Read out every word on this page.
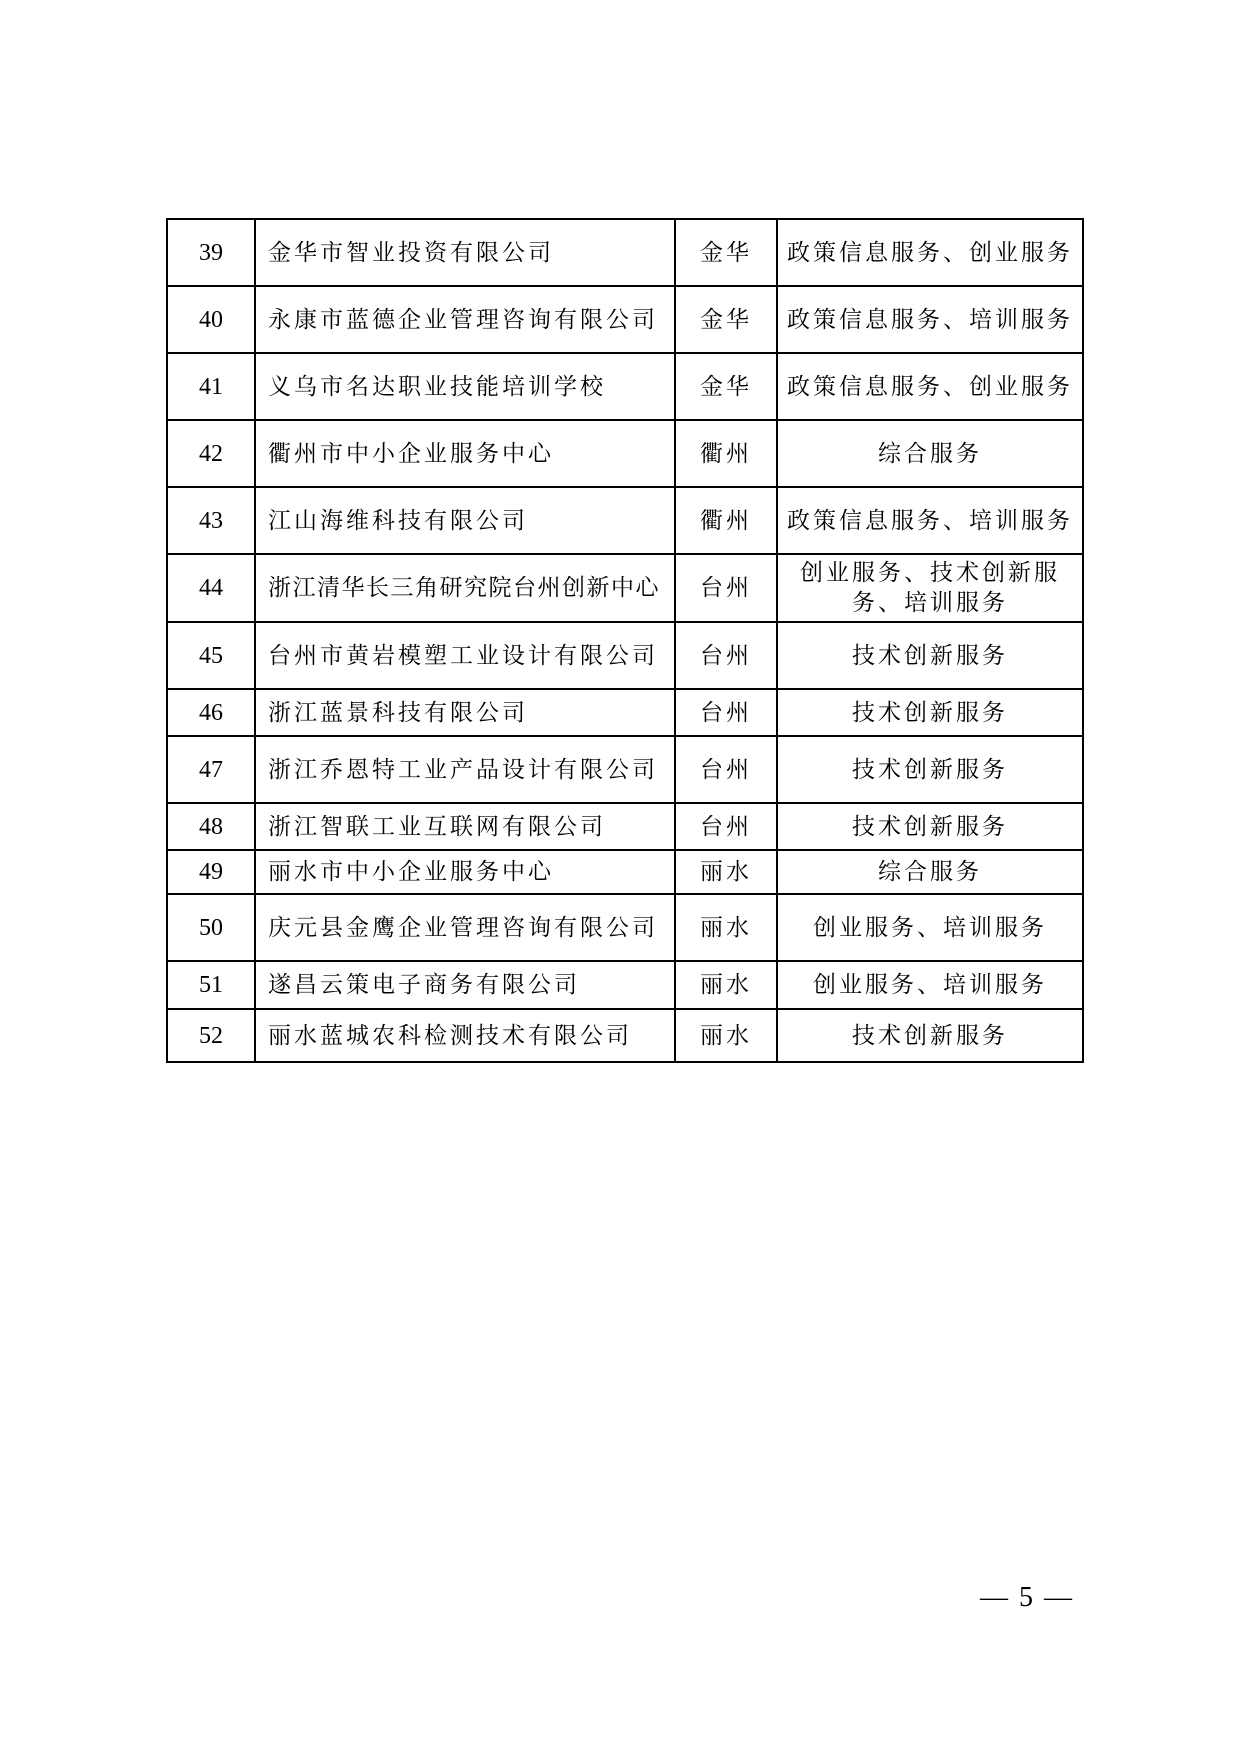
39	金华市智业投资有限公司	金华	政策信息服务、创业服务
40	永康市蓝德企业管理咨询有限公司	金华	政策信息服务、培训服务
41	义乌市名达职业技能培训学校	金华	政策信息服务、创业服务
42	衢州市中小企业服务中心	衢州	综合服务
43	江山海维科技有限公司	衢州	政策信息服务、培训服务
44	浙江清华长三角研究院台州创新中心	台州	创业服务、技术创新服务、培训服务
45	台州市黄岩模塑工业设计有限公司	台州	技术创新服务
46	浙江蓝景科技有限公司	台州	技术创新服务
47	浙江乔恩特工业产品设计有限公司	台州	技术创新服务
48	浙江智联工业互联网有限公司	台州	技术创新服务
49	丽水市中小企业服务中心	丽水	综合服务
50	庆元县金鹰企业管理咨询有限公司	丽水	创业服务、培训服务
51	遂昌云策电子商务有限公司	丽水	创业服务、培训服务
52	丽水蓝城农科检测技术有限公司	丽水	技术创新服务
— 5 —
